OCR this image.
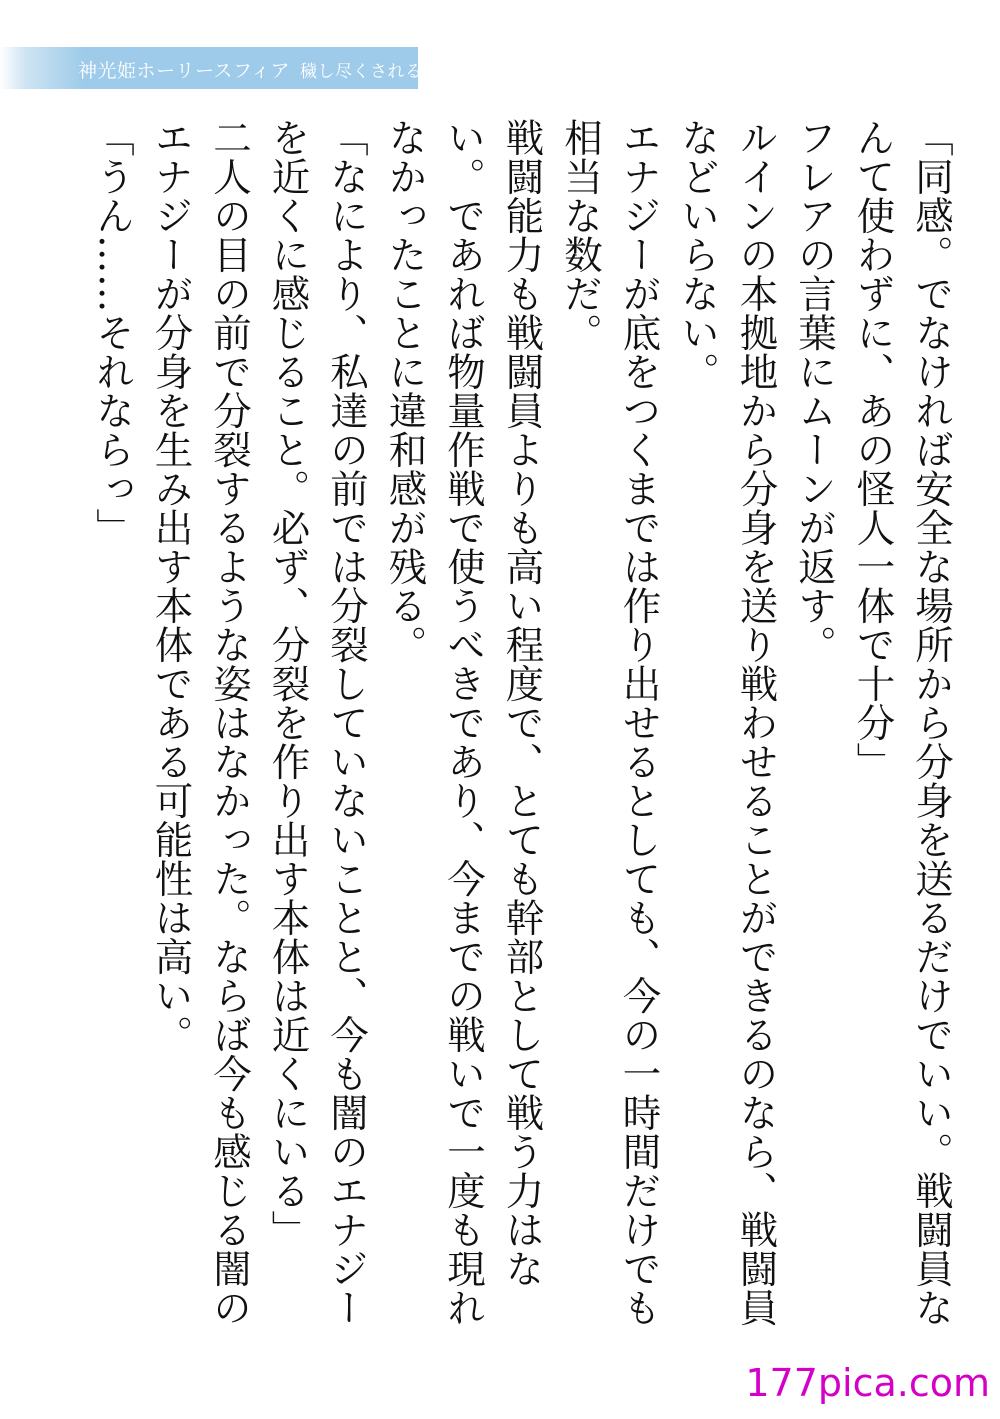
神光姫ホーリースフィア 穢し尽くされる正義

「同感。でなければ安全な場所から分身を送るだけでいい。戦闘員なんて使わずに、あの怪人一体で十分」

フレアの言葉にムーンが返す。

ルインの本拠地から分身を送り戦わせることができるのなら、戦闘員などいらない。

エナジーが底をつくまでは作り出せるとしても、今の一時間だけでも相当な数だ。

戦闘能力も戦闘員よりも高い程度で、とても幹部として戦う力はない。であれば物量作戦で使うべきであり、今までの戦いで一度も現れなかったことに違和感が残る。

「なにより、私達の前では分裂していないことと、今も闇のエナジーを近くに感じること。必ず、分裂を作り出す本体は近くにいる」

二人の目の前で分裂するような姿はなかった。ならば今も感じる闇のエナジーが分身を生み出す本体である可能性は高い。

「うん……それならっ」

177pica.com
